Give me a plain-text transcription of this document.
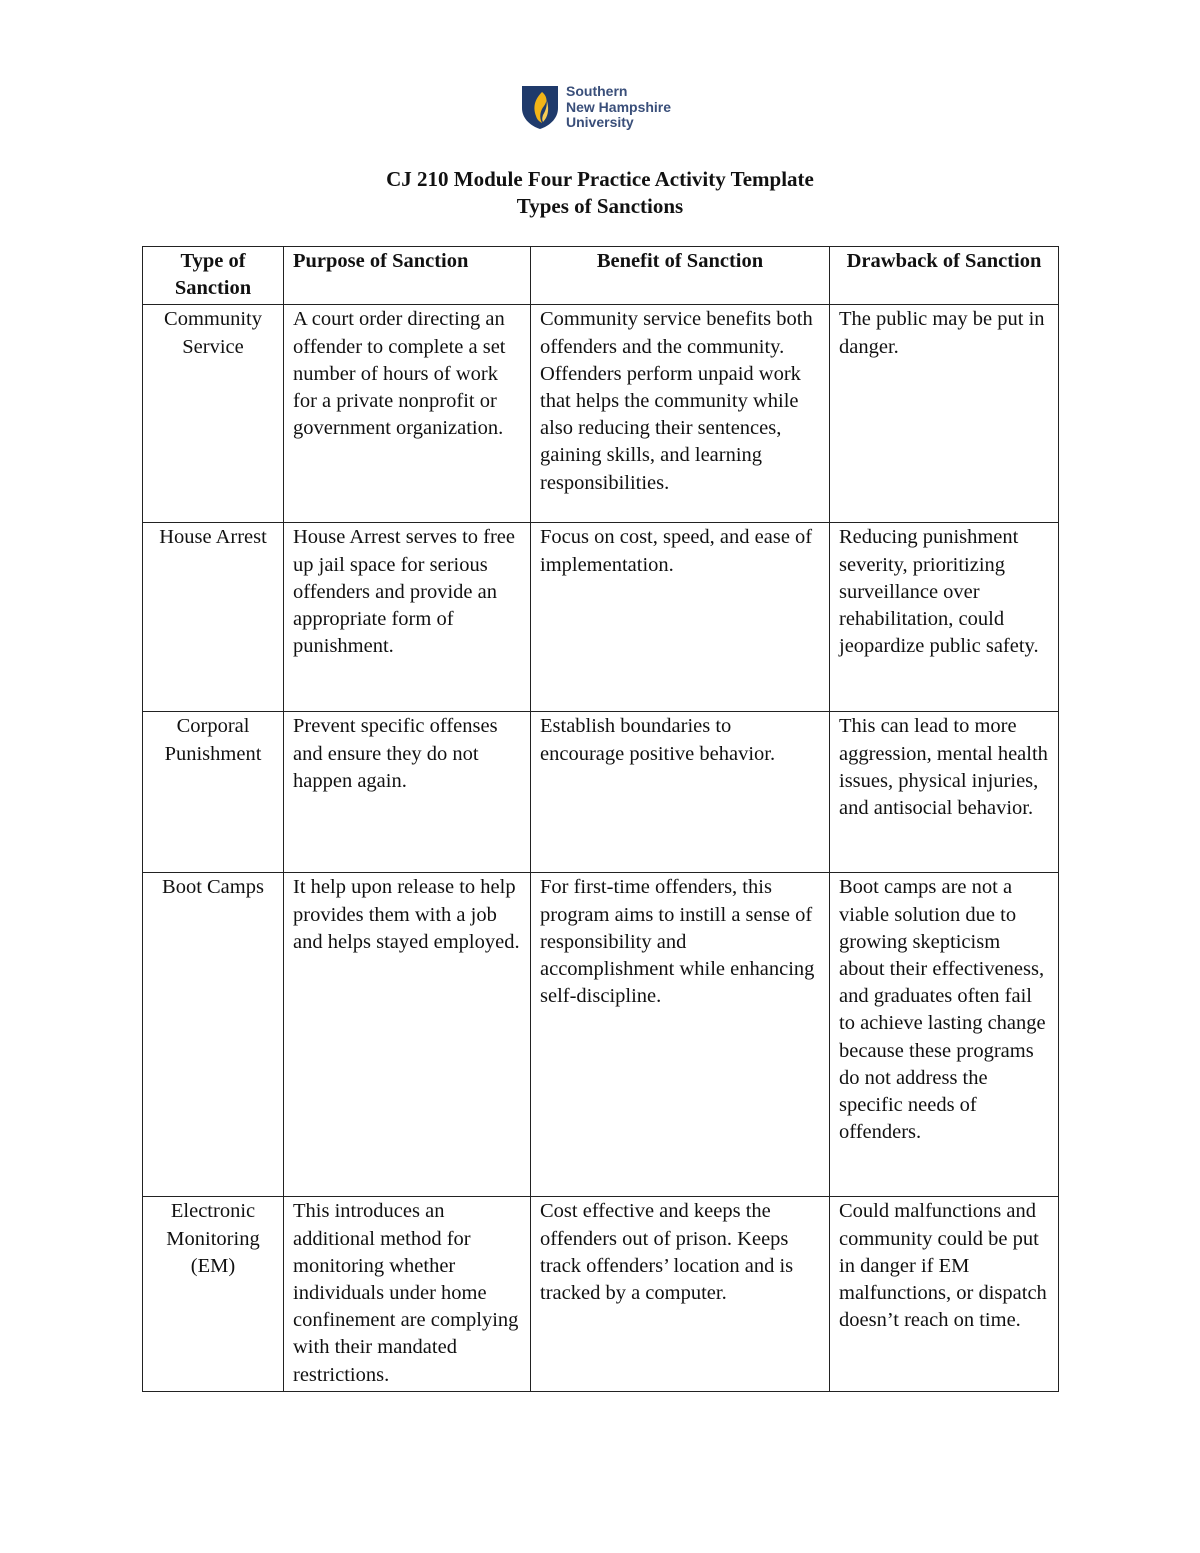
Southern
New Hampshire
University
CJ 210 Module Four Practice Activity Template
Types of Sanctions
Type of Sanction	Purpose of Sanction	Benefit of Sanction	Drawback of Sanction
Community Service	A court order directing an offender to complete a set number of hours of work for a private nonprofit or government organization.	Community service benefits both offenders and the community. Offenders perform unpaid work that helps the community while also reducing their sentences, gaining skills, and learning responsibilities.	The public may be put in danger.
House Arrest	House Arrest serves to free up jail space for serious offenders and provide an appropriate form of punishment.	Focus on cost, speed, and ease of implementation.	Reducing punishment severity, prioritizing surveillance over rehabilitation, could jeopardize public safety.
Corporal Punishment	Prevent specific offenses and ensure they do not happen again.	Establish boundaries to encourage positive behavior.	This can lead to more aggression, mental health issues, physical injuries, and antisocial behavior.
Boot Camps	It help upon release to help provides them with a job and helps stayed employed.	For first-time offenders, this program aims to instill a sense of responsibility and accomplishment while enhancing self-discipline.	Boot camps are not a viable solution due to growing skepticism about their effectiveness, and graduates often fail to achieve lasting change because these programs do not address the specific needs of offenders.
Electronic Monitoring (EM)	This introduces an additional method for monitoring whether individuals under home confinement are complying with their mandated restrictions.	Cost effective and keeps the offenders out of prison. Keeps track offenders’ location and is tracked by a computer.	Could malfunctions and community could be put in danger if EM malfunctions, or dispatch doesn’t reach on time.
